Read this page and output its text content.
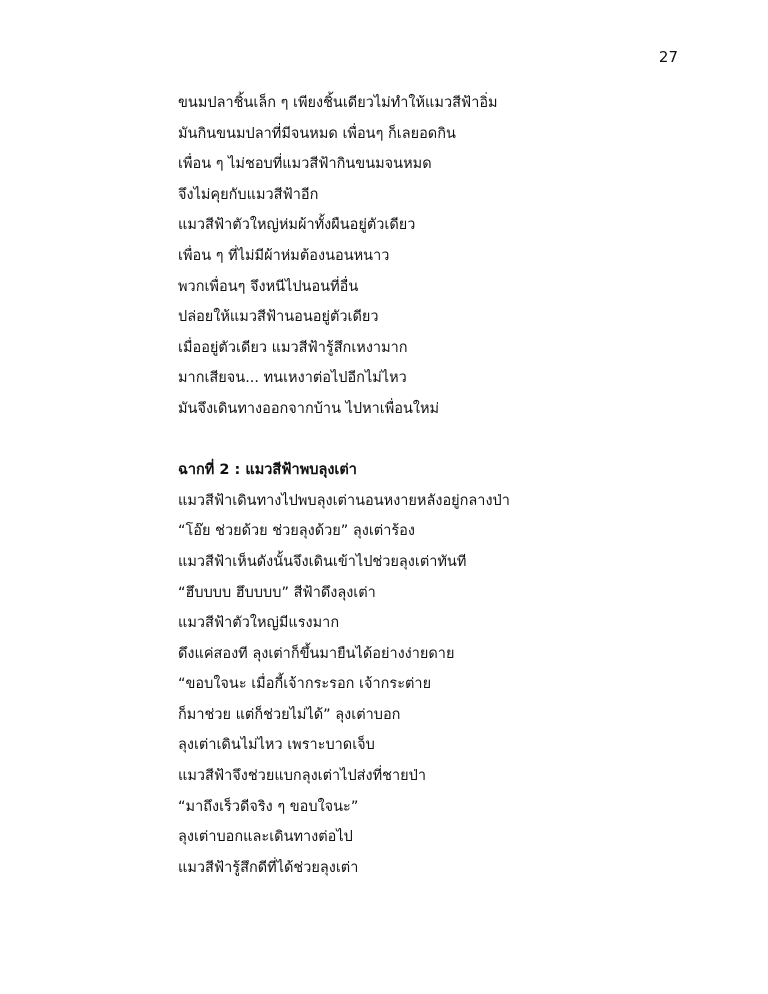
27
ขนมปลาชิ้นเล็ก ๆ เพียงชิ้นเดียวไม่ทำให้แมวสีฟ้าอิ่ม
มันกินขนมปลาที่มีจนหมด เพื่อนๆ ก็เลยอดกิน
เพื่อน ๆ ไม่ชอบที่แมวสีฟ้ากินขนมจนหมด
จึงไม่คุยกับแมวสีฟ้าอีก
แมวสีฟ้าตัวใหญ่ห่มผ้าทั้งผืนอยู่ตัวเดียว
เพื่อน ๆ ที่ไม่มีผ้าห่มต้องนอนหนาว
พวกเพื่อนๆ จึงหนีไปนอนที่อื่น
ปล่อยให้แมวสีฟ้านอนอยู่ตัวเดียว
เมื่ออยู่ตัวเดียว แมวสีฟ้ารู้สึกเหงามาก
มากเสียจน... ทนเหงาต่อไปอีกไม่ไหว
มันจึงเดินทางออกจากบ้าน ไปหาเพื่อนใหม่
ฉากที่ 2 : แมวสีฟ้าพบลุงเต่า
แมวสีฟ้าเดินทางไปพบลุงเต่านอนหงายหลังอยู่กลางป่า
“โอ๊ย ช่วยด้วย ช่วยลุงด้วย” ลุงเต่าร้อง
แมวสีฟ้าเห็นดังนั้นจึงเดินเข้าไปช่วยลุงเต่าทันที
“ฮึบบบบ ฮึบบบบ” สีฟ้าดึงลุงเต่า
แมวสีฟ้าตัวใหญ่มีแรงมาก
ดึงแค่สองที ลุงเต่าก็ขึ้นมายืนได้อย่างง่ายดาย
“ขอบใจนะ เมื่อกี้เจ้ากระรอก เจ้ากระต่าย
ก็มาช่วย แต่ก็ช่วยไม่ได้” ลุงเต่าบอก
ลุงเต่าเดินไม่ไหว เพราะบาดเจ็บ
แมวสีฟ้าจึงช่วยแบกลุงเต่าไปส่งที่ชายป่า
“มาถึงเร็วดีจริง ๆ ขอบใจนะ”
ลุงเต่าบอกและเดินทางต่อไป
แมวสีฟ้ารู้สึกดีที่ได้ช่วยลุงเต่า
